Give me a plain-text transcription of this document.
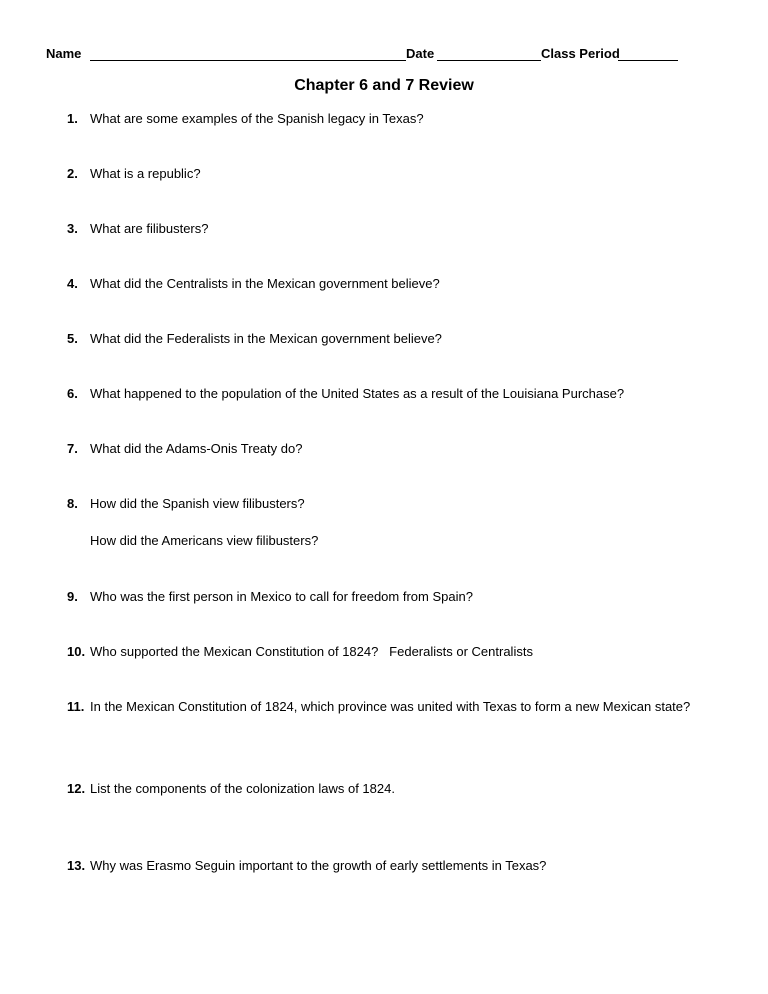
Name	Date	Class Period
Chapter 6 and 7 Review
1. What are some examples of the Spanish legacy in Texas?
2. What is a republic?
3. What are filibusters?
4. What did the Centralists in the Mexican government believe?
5. What did the Federalists in the Mexican government believe?
6. What happened to the population of the United States as a result of the Louisiana Purchase?
7. What did the Adams-Onis Treaty do?
8. How did the Spanish view filibusters?
How did the Americans view filibusters?
9. Who was the first person in Mexico to call for freedom from Spain?
10. Who supported the Mexican Constitution of 1824?   Federalists or Centralists
11. In the Mexican Constitution of 1824, which province was united with Texas to form a new Mexican state?
12. List the components of the colonization laws of 1824.
13. Why was Erasmo Seguin important to the growth of early settlements in Texas?
